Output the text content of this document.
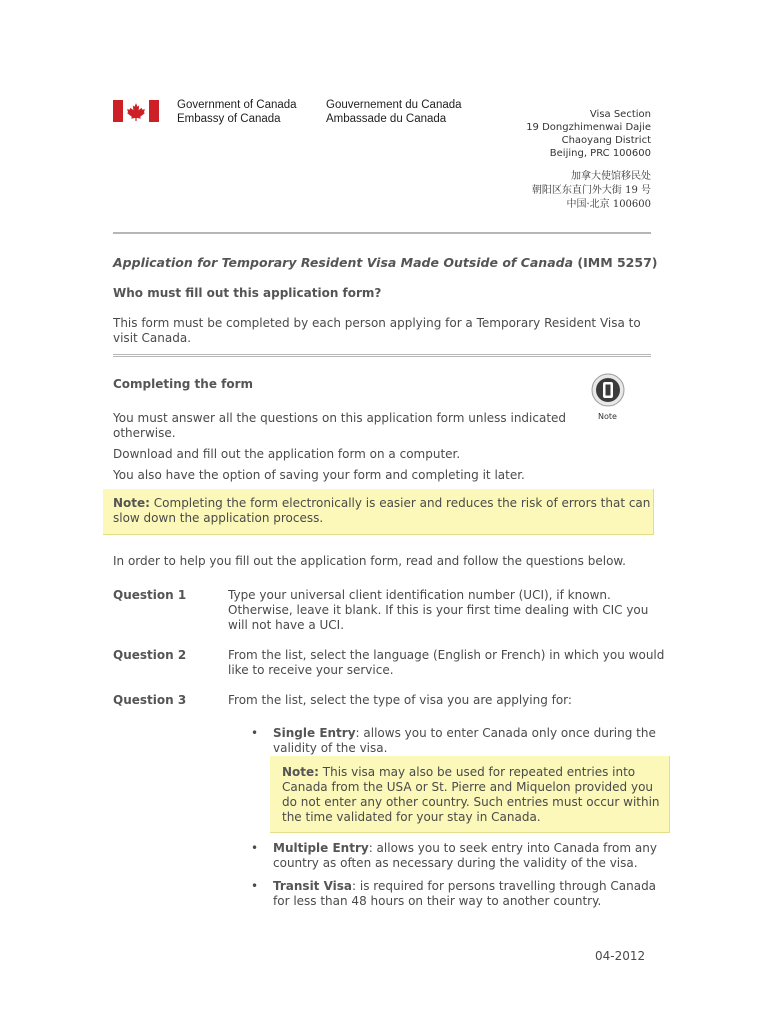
Government of Canada
Embassy of Canada
Gouvernement du Canada
Ambassade du Canada	Visa Section
19 Dongzhimenwai Dajie
Chaoyang District
Beijing, PRC 100600
加拿大使馆移民处
朝阳区东直门外大街 19 号
中国·北京 100600
Application for Temporary Resident Visa Made Outside of Canada (IMM 5257)
Who must fill out this application form?
This form must be completed by each person applying for a Temporary Resident Visa to visit Canada.
Completing the form
Note
You must answer all the questions on this application form unless indicated otherwise.
Download and fill out the application form on a computer.
You also have the option of saving your form and completing it later.
Note: Completing the form electronically is easier and reduces the risk of errors that can slow down the application process.
In order to help you fill out the application form, read and follow the questions below.
Question 1	Type your universal client identification number (UCI), if known. Otherwise, leave it blank. If this is your first time dealing with CIC you will not have a UCI.
Question 2	From the list, select the language (English or French) in which you would like to receive your service.
Question 3	From the list, select the type of visa you are applying for:
• Single Entry: allows you to enter Canada only once during the validity of the visa.
Note: This visa may also be used for repeated entries into Canada from the USA or St. Pierre and Miquelon provided you do not enter any other country. Such entries must occur within the time validated for your stay in Canada.
• Multiple Entry: allows you to seek entry into Canada from any country as often as necessary during the validity of the visa.
• Transit Visa: is required for persons travelling through Canada for less than 48 hours on their way to another country.
04-2012
